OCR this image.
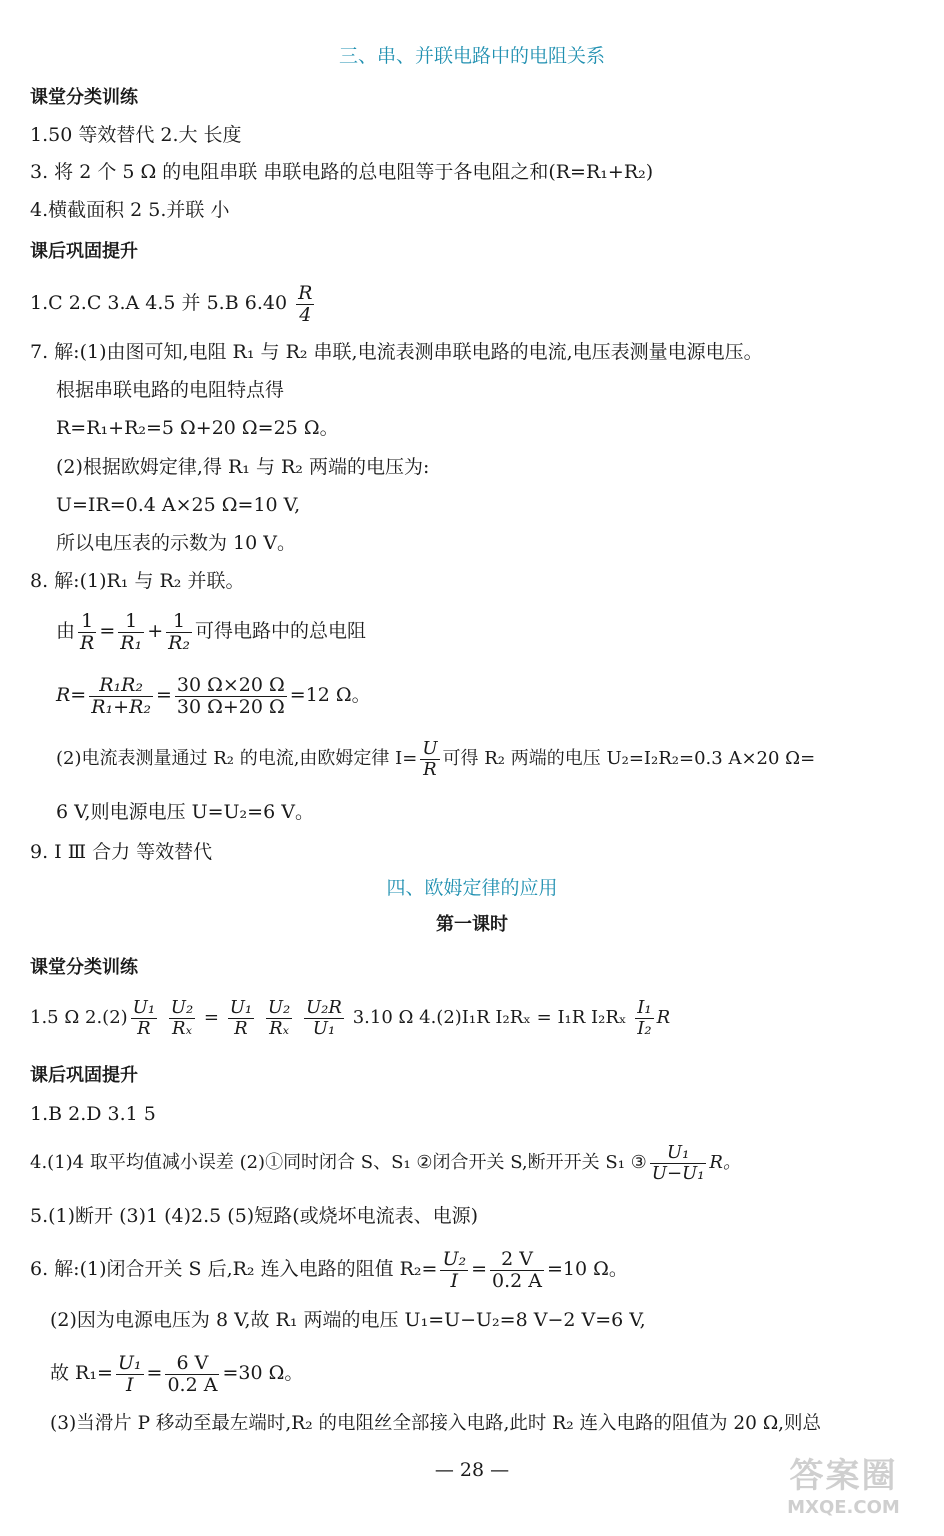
三、串、并联电路中的电阻关系
课堂分类训练
1.50 等效替代 2.大 长度
3. 将 2 个 5 Ω 的电阻串联 串联电路的总电阻等于各电阻之和(R=R₁+R₂)
4.横截面积 2 5.并联 小
课后巩固提升
1.C 2.C 3.A 4.5 并 5.B $6.40 \frac{R}{4}$
7. 解:(1)由图可知,电阻 R₁ 与 R₂ 串联,电流表测串联电路的电流,电压表测量电源电压。
根据串联电路的电阻特点得
R=R₁+R₂=5 Ω+20 Ω=25 Ω。
(2)根据欧姆定律,得 R₁ 与 R₂ 两端的电压为:
U=IR=0.4 A×25 Ω=10 V,
所以电压表的示数为 10 V。
8. 解:(1)R₁ 与 R₂ 并联。
由 $\frac{1}{R} = \frac{1}{\text{R₁}} + \frac{1}{\text{R₂}}$ 可得电路中的总电阻
$R= \frac{\text{R₁R₂}}{\text{R₁+R₂}} = \frac{30 \Omega\times 20 \Omega}{30 \Omega+20 \Omega} =12$ Ω。
(2)电流表测量通过 R₂ 的电流,由欧姆定律 $I= \frac{U}{R}$ 可得 R₂ 两端的电压 U₂=I₂R₂=0.3 A×20 Ω=
6 V,则电源电压 U=U₂=6 V。
9. Ⅰ Ⅲ 合力 等效替代
四、欧姆定律的应用
第一课时
课堂分类训练
1.5 Ω $2.(2) \frac{\text{U₁}}{R}$
$\frac{\text{U₂}}{\text{Rₓ}} = \frac{\text{U₁}}{R}$
$\frac{\text{U₂}}{\text{Rₓ}}$
$\frac{\text{U₂R}}{\text{U₁}} 3.10$ Ω 4.(2)I₁R I₂Rₓ = I₁R $I_2R_x \frac{\text{I₁}}{\text{I₂}}$ R
课后巩固提升
1.B 2.D 3.1 5
4.(1)4 取平均值减小误差 (2)①同时闭合 S、S₁ ②闭合开关 S,断开开关 S₁ ③ $\frac{\text{U₁}}{\text{U−U₁}}$ R。
5.(1)断开 (3)1 (4)2.5 (5)短路(或烧坏电流表、电源)
6. 解:(1)闭合开关 S 后,R₂ 连入电路的阻值 $R_2= \frac{\text{U₂}}{I} = \frac{2 V}{0.2 A} =10$ Ω。
(2)因为电源电压为 8 V,故 R₁ 两端的电压 U₁=U−U₂=8 V−2 V=6 V,
故 $R_1= \frac{\text{U₁}}{I} = \frac{6 V}{0.2 A} =30$ Ω。
(3)当滑片 P 移动至最左端时,R₂ 的电阻丝全部接入电路,此时 R₂ 连入电路的阻值为 20 Ω,则总
— 28 —	答案圈
MXQE.COM
